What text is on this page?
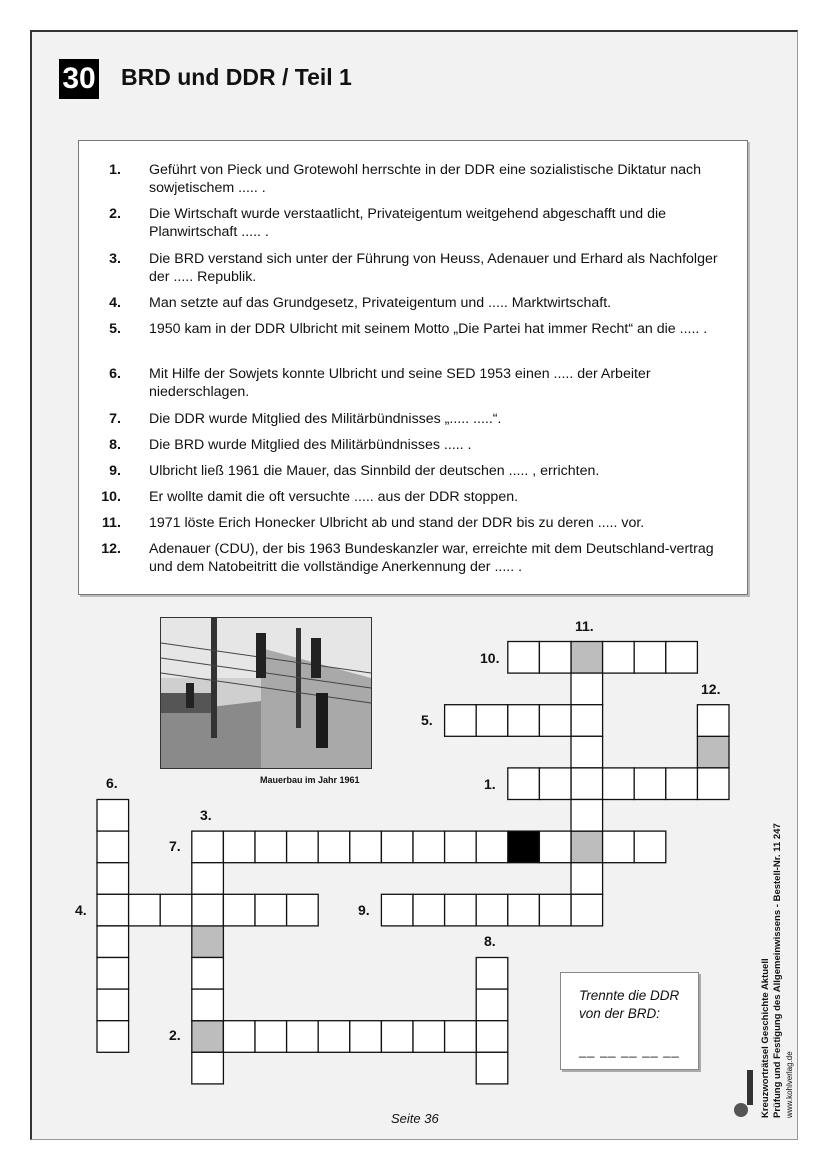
30 BRD und DDR / Teil 1
1. Geführt von Pieck und Grotewohl herrschte in der DDR eine sozialistische Diktatur nach sowjetischem ..... .
2. Die Wirtschaft wurde verstaatlicht, Privateigentum weitgehend abgeschafft und die Planwirtschaft ..... .
3. Die BRD verstand sich unter der Führung von Heuss, Adenauer und Erhard als Nachfolger der ..... Republik.
4. Man setzte auf das Grundgesetz, Privateigentum und ..... Marktwirtschaft.
5. 1950 kam in der DDR Ulbricht mit seinem Motto „Die Partei hat immer Recht“ an die ..... .
6. Mit Hilfe der Sowjets konnte Ulbricht und seine SED 1953 einen ..... der Arbeiter niederschlagen.
7. Die DDR wurde Mitglied des Militärbündnisses „..... .....“.
8. Die BRD wurde Mitglied des Militärbündnisses ..... .
9. Ulbricht ließ 1961 die Mauer, das Sinnbild der deutschen ..... , errichten.
10. Er wollte damit die oft versuchte ..... aus der DDR stoppen.
11. 1971 löste Erich Honecker Ulbricht ab und stand der DDR bis zu deren ..... vor.
12. Adenauer (CDU), der bis 1963 Bundeskanzler war, erreichte mit dem Deutschland-vertrag und dem Natobeitritt die vollständige Anerkennung der ..... .
Mauerbau im Jahr 1961
11.
10.
12.
5.
1.
6.
3.
7.
4.	9.
8.
2.
Trennte die DDR von der BRD:
__ __ __ __ __
Seite 36
Kreuzworträtsel Geschichte Aktuell Prüfung und Festigung des Allgemeinwissens - Bestell-Nr. 11 247 www.kohlverlag.de
